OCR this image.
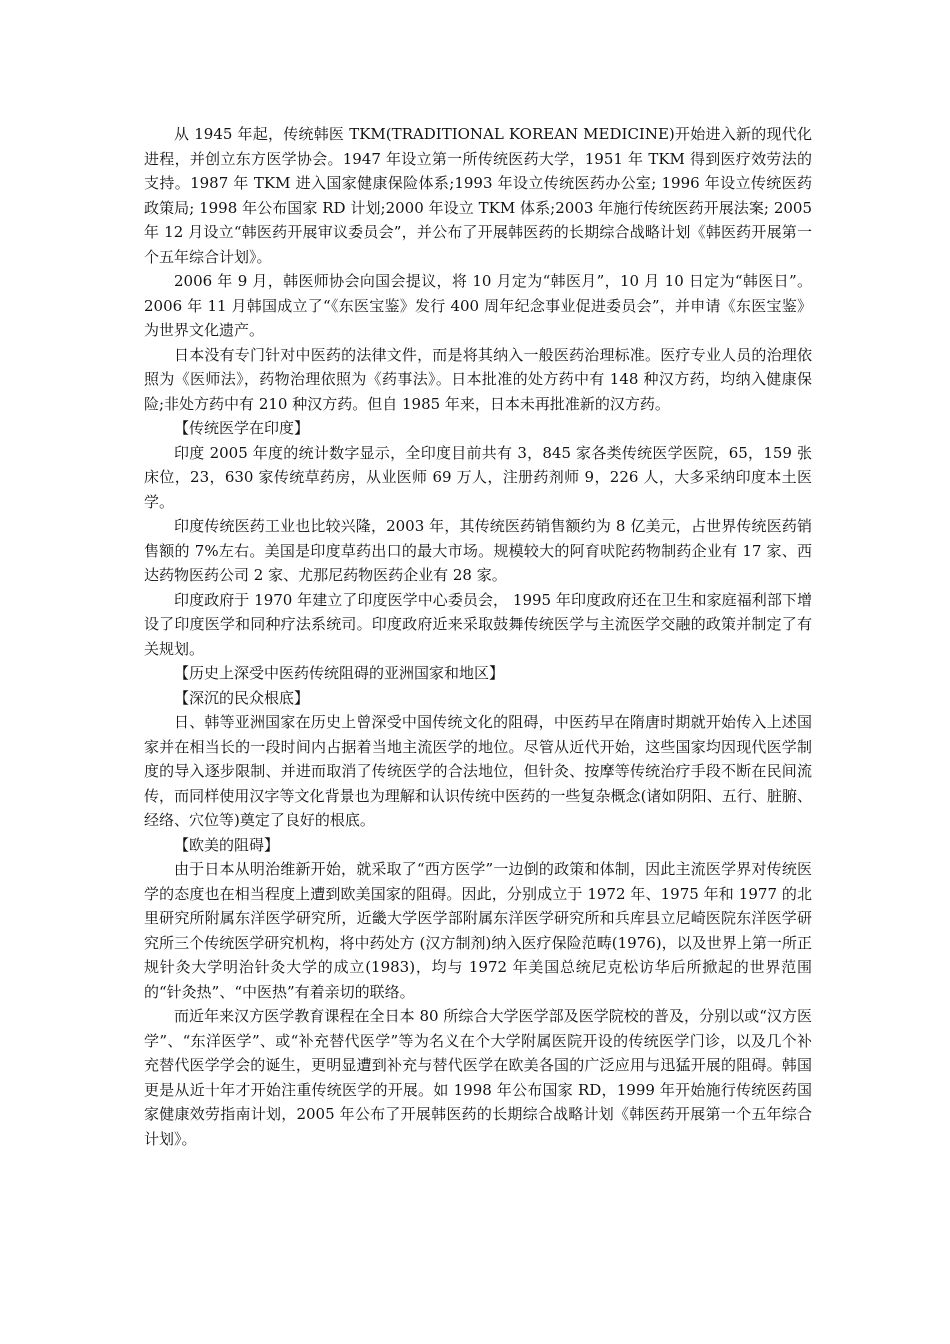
从 1945 年起，传统韩医 TKM(TRADITIONAL KOREAN MEDICINE)开始进入新的现代化进程，并创立东方医学协会。1947 年设立第一所传统医药大学，1951 年 TKM 得到医疗效劳法的支持。1987 年 TKM 进入国家健康保险体系;1993 年设立传统医药办公室; 1996 年设立传统医药政策局; 1998 年公布国家 RD 计划;2000 年设立 TKM 体系;2003 年施行传统医药开展法案; 2005 年 12 月设立“韩医药开展审议委员会”，并公布了开展韩医药的长期综合战略计划《韩医药开展第一个五年综合计划》。

2006 年 9 月，韩医师协会向国会提议，将 10 月定为“韩医月”，10 月 10 日定为“韩医日”。2006 年 11 月韩国成立了“《东医宝鉴》发行 400 周年纪念事业促进委员会”，并申请《东医宝鉴》为世界文化遗产。

日本没有专门针对中医药的法律文件，而是将其纳入一般医药治理标准。医疗专业人员的治理依照为《医师法》，药物治理依照为《药事法》。日本批准的处方药中有 148 种汉方药，均纳入健康保险;非处方药中有 210 种汉方药。但自 1985 年来，日本未再批准新的汉方药。

【传统医学在印度】

印度 2005 年度的统计数字显示，全印度目前共有 3，845 家各类传统医学医院，65，159 张床位，23，630 家传统草药房，从业医师 69 万人，注册药剂师 9，226 人，大多采纳印度本土医学。

印度传统医药工业也比较兴隆，2003 年，其传统医药销售额约为 8 亿美元，占世界传统医药销售额的 7%左右。美国是印度草药出口的最大市场。规模较大的阿育吠陀药物制药企业有 17 家、西达药物医药公司 2 家、尤那尼药物医药企业有 28 家。

印度政府于 1970 年建立了印度医学中心委员会， 1995 年印度政府还在卫生和家庭福利部下增设了印度医学和同种疗法系统司。印度政府近来采取鼓舞传统医学与主流医学交融的政策并制定了有关规划。

【历史上深受中医药传统阻碍的亚洲国家和地区】

【深沉的民众根底】

日、韩等亚洲国家在历史上曾深受中国传统文化的阻碍，中医药早在隋唐时期就开始传入上述国家并在相当长的一段时间内占据着当地主流医学的地位。尽管从近代开始，这些国家均因现代医学制度的导入逐步限制、并进而取消了传统医学的合法地位，但针灸、按摩等传统治疗手段不断在民间流传，而同样使用汉字等文化背景也为理解和认识传统中医药的一些复杂概念(诸如阴阳、五行、脏腑、经络、穴位等)奠定了良好的根底。

【欧美的阻碍】

由于日本从明治维新开始，就采取了“西方医学”一边倒的政策和体制，因此主流医学界对传统医学的态度也在相当程度上遭到欧美国家的阻碍。因此，分别成立于 1972 年、1975 年和 1977 的北里研究所附属东洋医学研究所，近畿大学医学部附属东洋医学研究所和兵库县立尼崎医院东洋医学研究所三个传统医学研究机构，将中药处方 (汉方制剂)纳入医疗保险范畴(1976)，以及世界上第一所正规针灸大学明治针灸大学的成立(1983)，均与 1972 年美国总统尼克松访华后所掀起的世界范围的“针灸热”、“中医热”有着亲切的联络。

而近年来汉方医学教育课程在全日本 80 所综合大学医学部及医学院校的普及，分别以或“汉方医学”、“东洋医学”、或“补充替代医学”等为名义在个大学附属医院开设的传统医学门诊，以及几个补充替代医学学会的诞生，更明显遭到补充与替代医学在欧美各国的广泛应用与迅猛开展的阻碍。韩国更是从近十年才开始注重传统医学的开展。如 1998 年公布国家 RD，1999 年开始施行传统医药国家健康效劳指南计划，2005 年公布了开展韩医药的长期综合战略计划《韩医药开展第一个五年综合计划》。
